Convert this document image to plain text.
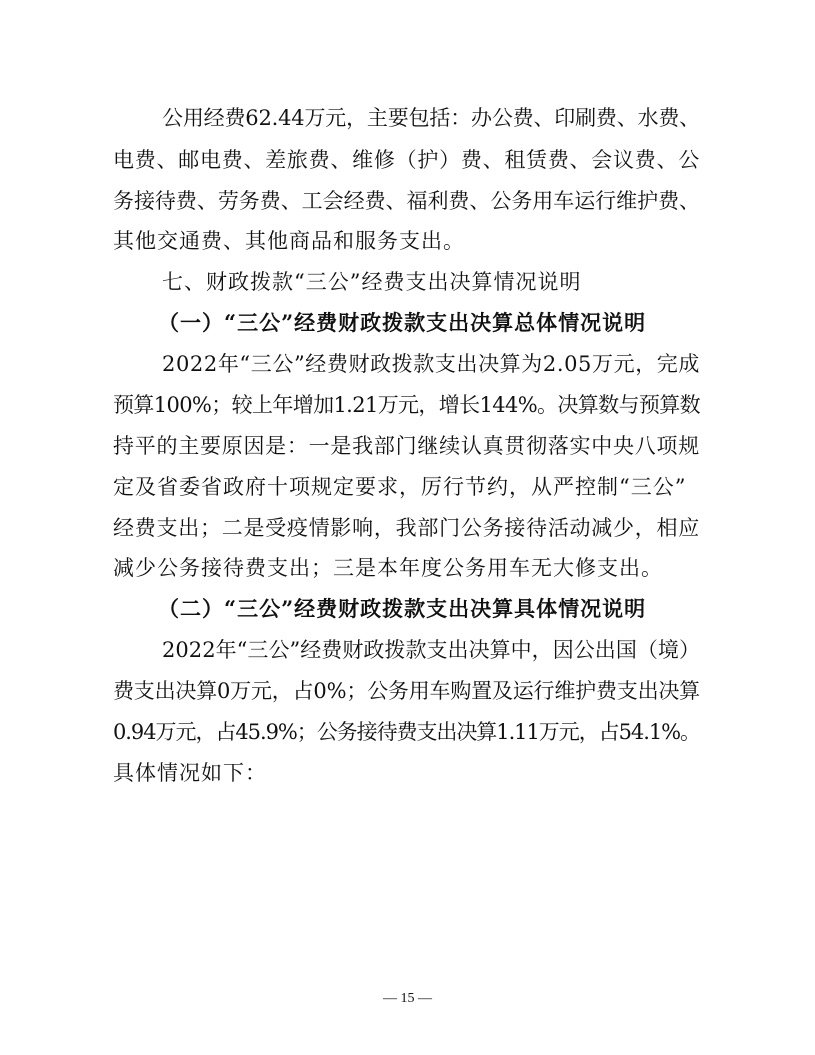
公用经费62.44万元，主要包括：办公费、印刷费、水费、
电费、邮电费、差旅费、维修（护）费、租赁费、会议费、公
务接待费、劳务费、工会经费、福利费、公务用车运行维护费、
其他交通费、其他商品和服务支出。
七、财政拨款“三公”经费支出决算情况说明
（一）“三公”经费财政拨款支出决算总体情况说明
2022年“三公”经费财政拨款支出决算为2.05万元，完成
预算100%；较上年增加1.21万元，增长144%。决算数与预算数
持平的主要原因是：一是我部门继续认真贯彻落实中央八项规
定及省委省政府十项规定要求，厉行节约，从严控制“三公”
经费支出；二是受疫情影响，我部门公务接待活动减少，相应
减少公务接待费支出；三是本年度公务用车无大修支出。
（二）“三公”经费财政拨款支出决算具体情况说明
2022年“三公”经费财政拨款支出决算中，因公出国（境）
费支出决算0万元，占0%；公务用车购置及运行维护费支出决算
0.94万元，占45.9%；公务接待费支出决算1.11万元，占54.1%。
具体情况如下：
— 15 —
